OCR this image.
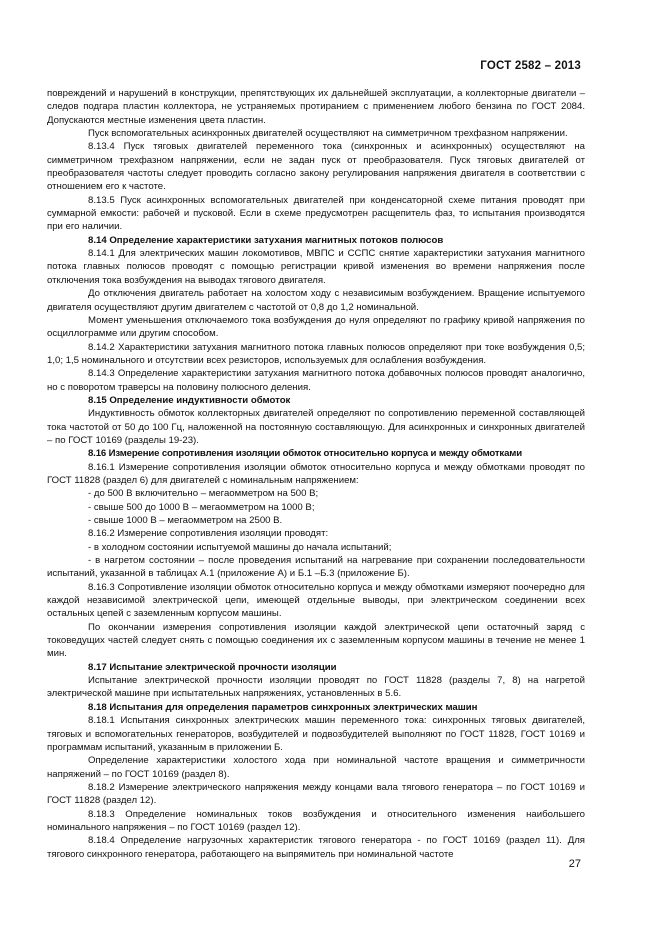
ГОСТ 2582 – 2013

повреждений и нарушений в конструкции, препятствующих их дальнейшей эксплуатации, а коллекторные двигатели – следов подгара пластин коллектора, не устраняемых протиранием с применением любого бензина по ГОСТ 2084. Допускаются местные изменения цвета пластин.

Пуск вспомогательных асинхронных двигателей осуществляют на симметричном трехфазном напряжении.

8.13.4 Пуск тяговых двигателей переменного тока (синхронных и асинхронных) осуществляют на симметричном трехфазном напряжении, если не задан пуск от преобразователя. Пуск тяговых двигателей от преобразователя частоты следует проводить согласно закону регулирования напряжения двигателя в соответствии с отношением его к частоте.

8.13.5 Пуск асинхронных вспомогательных двигателей при конденсаторной схеме питания проводят при суммарной емкости: рабочей и пусковой. Если в схеме предусмотрен расщепитель фаз, то испытания производятся при его наличии.

8.14 Определение характеристики затухания магнитных потоков полюсов

8.14.1 Для электрических машин локомотивов, МВПС и ССПС снятие характеристики затухания магнитного потока главных полюсов проводят с помощью регистрации кривой изменения во времени напряжения после отключения тока возбуждения на выводах тягового двигателя.

До отключения двигатель работает на холостом ходу с независимым возбуждением. Вращение испытуемого двигателя осуществляют другим двигателем с частотой от 0,8 до 1,2 номинальной.

Момент уменьшения отключаемого тока возбуждения до нуля определяют по графику кривой напряжения по осциллограмме или другим способом.

8.14.2 Характеристики затухания магнитного потока главных полюсов определяют при токе возбуждения 0,5; 1,0; 1,5 номинального и отсутствии всех резисторов, используемых для ослабления возбуждения.

8.14.3 Определение характеристики затухания магнитного потока добавочных полюсов проводят аналогично, но с поворотом траверсы на половину полюсного деления.

8.15 Определение индуктивности обмоток

Индуктивность обмоток коллекторных двигателей определяют по сопротивлению переменной составляющей тока частотой от 50 до 100 Гц, наложенной на постоянную составляющую. Для асинхронных и синхронных двигателей – по ГОСТ 10169 (разделы 19-23).

8.16 Измерение сопротивления изоляции обмоток относительно корпуса и между обмотками

8.16.1 Измерение сопротивления изоляции обмоток относительно корпуса и между обмотками проводят по ГОСТ 11828 (раздел 6) для двигателей с номинальным напряжением:

- до 500 В включительно – мегаомметром на 500 В;

- свыше 500 до 1000 В – мегаомметром на 1000 В;

- свыше 1000 В – мегаомметром на 2500 В.

8.16.2 Измерение сопротивления изоляции проводят:

- в холодном состоянии испытуемой машины до начала испытаний;

- в нагретом состоянии – после проведения испытаний на нагревание при сохранении последовательности испытаний, указанной в таблицах А.1 (приложение А) и Б.1 –Б.3 (приложение Б).

8.16.3 Сопротивление изоляции обмоток относительно корпуса и между обмотками измеряют поочередно для каждой независимой электрической цепи, имеющей отдельные выводы, при электрическом соединении всех остальных цепей с заземленным корпусом машины.

По окончании измерения сопротивления изоляции каждой электрической цепи остаточный заряд с токоведущих частей следует снять с помощью соединения их с заземленным корпусом машины в течение не менее 1 мин.

8.17 Испытание электрической прочности изоляции

Испытание электрической прочности изоляции проводят по ГОСТ 11828 (разделы 7, 8) на нагретой электрической машине при испытательных напряжениях, установленных в 5.6.

8.18 Испытания для определения параметров синхронных электрических машин

8.18.1 Испытания синхронных электрических машин переменного тока: синхронных тяговых двигателей, тяговых и вспомогательных генераторов, возбудителей и подвозбудителей выполняют по ГОСТ 11828, ГОСТ 10169 и программам испытаний, указанным в приложении Б.

Определение характеристики холостого хода при номинальной частоте вращения и симметричности напряжений – по ГОСТ 10169 (раздел 8).

8.18.2 Измерение электрического напряжения между концами вала тягового генератора – по ГОСТ 10169 и ГОСТ 11828 (раздел 12).

8.18.3 Определение номинальных токов возбуждения и относительного изменения наибольшего номинального напряжения – по ГОСТ 10169 (раздел 12).

8.18.4 Определение нагрузочных характеристик тягового генератора - по ГОСТ 10169 (раздел 11). Для тягового синхронного генератора, работающего на выпрямитель при номинальной частоте

27
